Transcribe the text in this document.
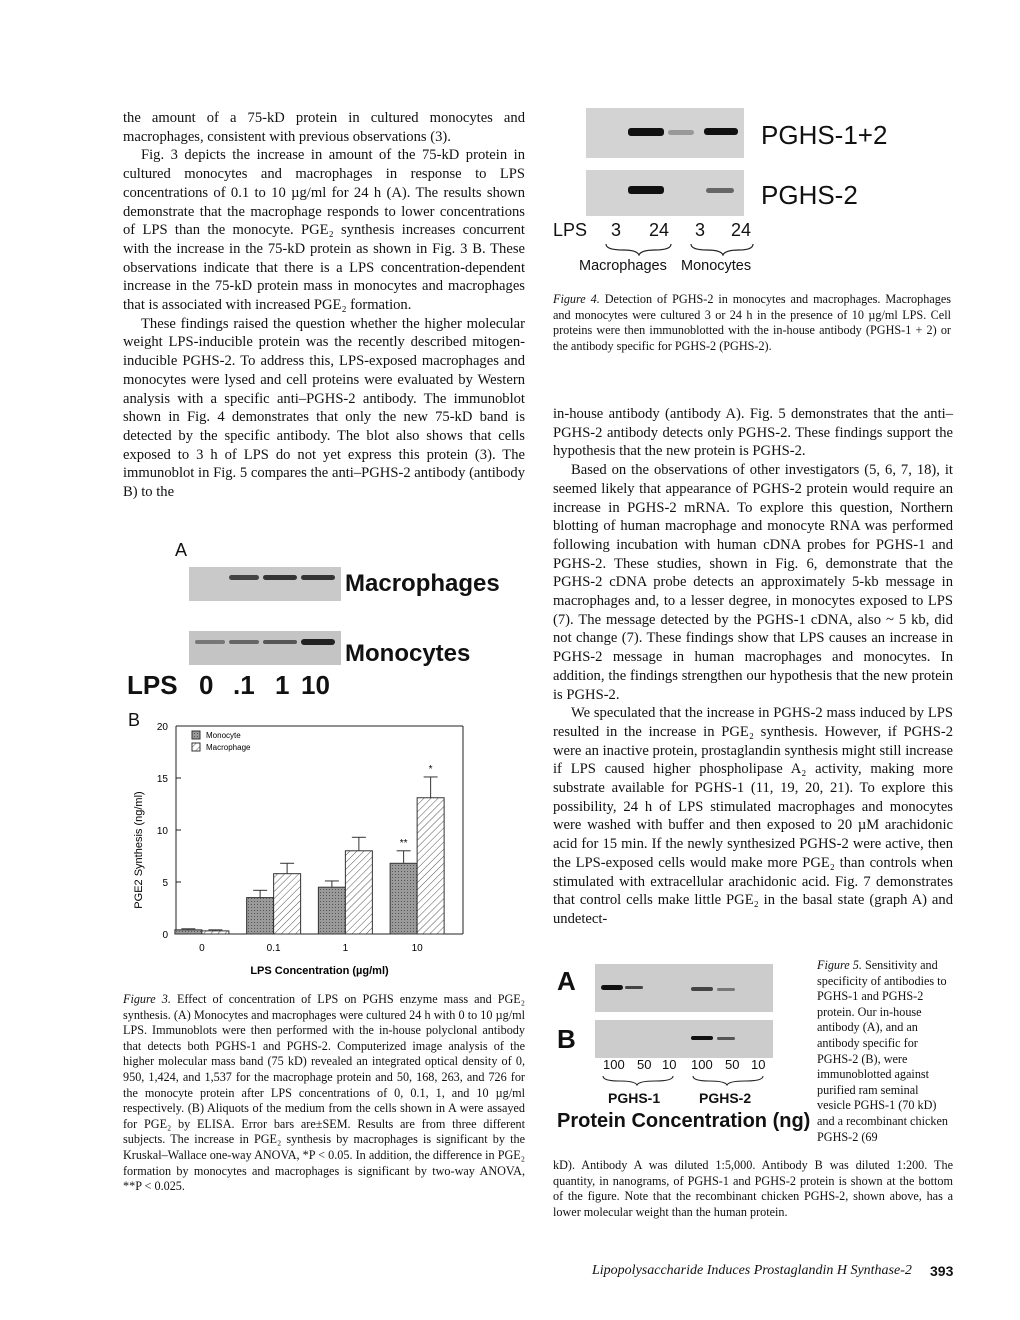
the amount of a 75-kD protein in cultured monocytes and macrophages, consistent with previous observations (3).

Fig. 3 depicts the increase in amount of the 75-kD protein in cultured monocytes and macrophages in response to LPS concentrations of 0.1 to 10 µg/ml for 24 h (A). The results shown demonstrate that the macrophage responds to lower concentrations of LPS than the monocyte. PGE₂ synthesis increases concurrent with the increase in the 75-kD protein as shown in Fig. 3 B. These observations indicate that there is a LPS concentration-dependent increase in the 75-kD protein mass in monocytes and macrophages that is associated with increased PGE₂ formation.

These findings raised the question whether the higher molecular weight LPS-inducible protein was the recently described mitogen-inducible PGHS-2. To address this, LPS-exposed macrophages and monocytes were lysed and cell proteins were evaluated by Western analysis with a specific anti–PGHS-2 antibody. The immunoblot shown in Fig. 4 demonstrates that only the new 75-kD band is detected by the specific antibody. The blot also shows that cells exposed to 3 h of LPS do not yet express this protein (3). The immunoblot in Fig. 5 compares the anti–PGHS-2 antibody (antibody B) to the

PGHS-1+2
PGHS-2
LPS 3 24 3 24
Macrophages Monocytes
Figure 4. Detection of PGHS-2 in monocytes and macrophages. Macrophages and monocytes were cultured 3 or 24 h in the presence of 10 µg/ml LPS. Cell proteins were then immunoblotted with the in-house antibody (PGHS-1 + 2) or the antibody specific for PGHS-2 (PGHS-2).

in-house antibody (antibody A). Fig. 5 demonstrates that the anti–PGHS-2 antibody detects only PGHS-2. These findings support the hypothesis that the new protein is PGHS-2.

Based on the observations of other investigators (5, 6, 7, 18), it seemed likely that appearance of PGHS-2 protein would require an increase in PGHS-2 mRNA. To explore this question, Northern blotting of human macrophage and monocyte RNA was performed following incubation with human cDNA probes for PGHS-1 and PGHS-2. These studies, shown in Fig. 6, demonstrate that the PGHS-2 cDNA probe detects an approximately 5-kb message in macrophages and, to a lesser degree, in monocytes exposed to LPS (7). The message detected by the PGHS-1 cDNA, also ~ 5 kb, did not change (7). These findings show that LPS causes an increase in PGHS-2 message in human macrophages and monocytes. In addition, the findings strengthen our hypothesis that the new protein is PGHS-2.

We speculated that the increase in PGHS-2 mass induced by LPS resulted in the increase in PGE₂ synthesis. However, if PGHS-2 were an inactive protein, prostaglandin synthesis might still increase if LPS caused higher phospholipase A₂ activity, making more substrate available for PGHS-1 (11, 19, 20, 21). To explore this possibility, 24 h of LPS stimulated macrophages and monocytes were washed with buffer and then exposed to 20 µM arachidonic acid for 15 min. If the newly synthesized PGHS-2 were active, then the LPS-exposed cells would make more PGE₂ than controls when stimulated with extracellular arachidonic acid. Fig. 7 demonstrates that control cells make little PGE₂ in the basal state (graph A) and undetect-

A
Macrophages
Monocytes
LPS 0 .1 1 10
B
0
5
10
15
20
PGE2 Synthesis (ng/ml)
LPS Concentration (µg/ml)
0	0.1	1	10
**
*
Monocyte
Macrophage
Figure 3. Effect of concentration of LPS on PGHS enzyme mass and PGE₂ synthesis. (A) Monocytes and macrophages were cultured 24 h with 0 to 10 µg/ml LPS. Immunoblots were then performed with the in-house polyclonal antibody that detects both PGHS-1 and PGHS-2. Computerized image analysis of the higher molecular mass band (75 kD) revealed an integrated optical density of 0, 950, 1,424, and 1,537 for the macrophage protein and 50, 168, 263, and 726 for the monocyte protein after LPS concentrations of 0, 0.1, 1, and 10 µg/ml respectively. (B) Aliquots of the medium from the cells shown in A were assayed for PGE₂ by ELISA. Error bars are±SEM. Results are from three different subjects. The increase in PGE₂ synthesis by macrophages is significant by the Kruskal–Wallace one-way ANOVA, *P < 0.05. In addition, the difference in PGE₂ formation by monocytes and macrophages is significant by two-way ANOVA, **P < 0.025.
A
B
100 50 10 100 50 10
PGHS-1	PGHS-2
Protein Concentration (ng)
Figure 5. Sensitivity and specificity of antibodies to PGHS-1 and PGHS-2 protein. Our in-house antibody (A), and an antibody specific for PGHS-2 (B), were immunoblotted against purified ram seminal vesicle PGHS-1 (70 kD) and a recombinant chicken PGHS-2 (69
kD). Antibody A was diluted 1:5,000. Antibody B was diluted 1:200. The quantity, in nanograms, of PGHS-1 and PGHS-2 protein is shown at the bottom of the figure. Note that the recombinant chicken PGHS-2, shown above, has a lower molecular weight than the human protein.
Lipopolysaccharide Induces Prostaglandin H Synthase-2 393
